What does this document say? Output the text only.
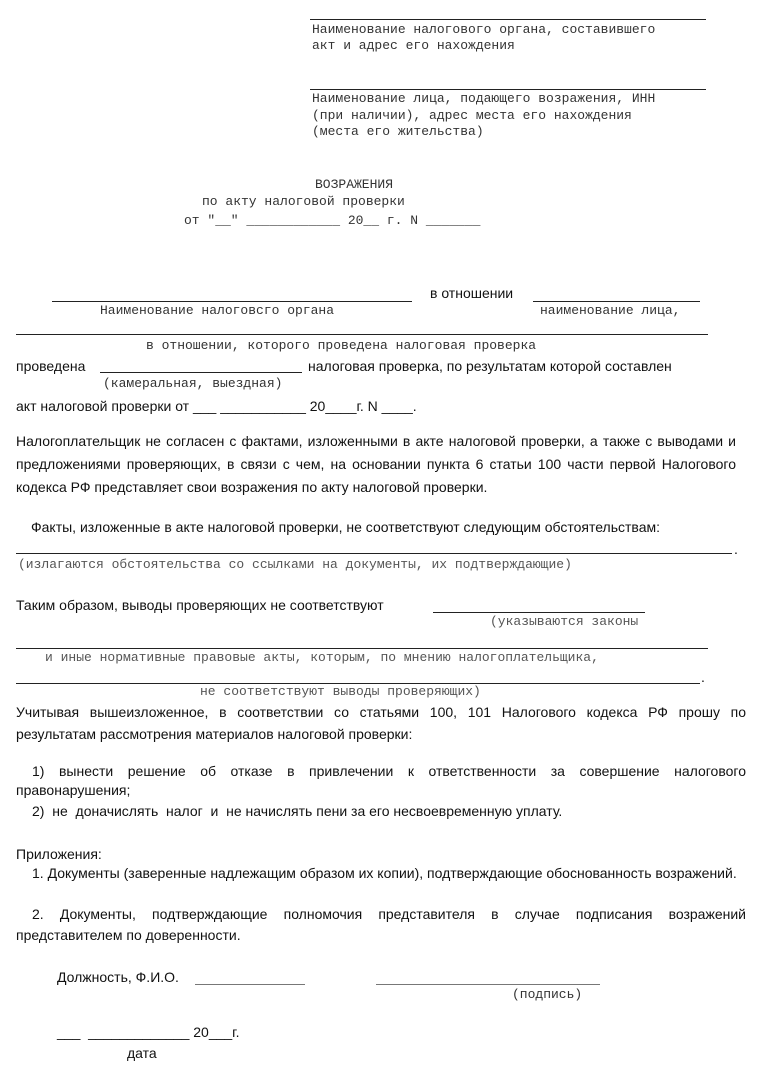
Наименование налогового органа, составившего
акт и адрес его нахождения
Наименование лица, подающего возражения, ИНН
(при наличии), адрес места его нахождения
(места его жительства)
ВОЗРАЖЕНИЯ
по акту налоговой проверки
от "__" ____________ 20__ г. N _______
в отношении
Наименование налоговсго органа	наименование лица,
в отношении, которого проведена налоговая проверка
проведена	налоговая проверка, по результатам которой составлен
(камеральная, выездная)
акт налоговой проверки от ___ ___________ 20____г. N ____.
Налогоплательщик не согласен с фактами, изложенными в акте налоговой проверки, а также с выводами и предложениями проверяющих, в связи с чем, на основании пункта 6 статьи 100 части первой Налогового кодекса РФ представляет свои возражения по акту налоговой проверки.
Факты, изложенные в акте налоговой проверки, не соответствуют следующим обстоятельствам:
.
(излагаются обстоятельства со ссылками на документы, их подтверждающие)
Таким образом, выводы проверяющих не соответствуют
(указываются законы
и иные нормативные правовые акты, которым, по мнению налогоплательщика,
.
не соответствуют выводы проверяющих)
Учитывая вышеизложенное, в соответствии со статьями 100, 101 Налогового кодекса РФ прошу по результатам рассмотрения материалов налоговой проверки:
1) вынести решение об отказе в привлечении к ответственности за совершение налогового правонарушения;
2)  не  доначислять  налог  и  не начислять пени за его несвоевременную уплату.
Приложения:
1. Документы (заверенные надлежащим образом их копии), подтверждающие обоснованность возражений.
2. Документы, подтверждающие полномочия представителя в случае подписания возражений представителем по доверенности.
Должность, Ф.И.О.
(подпись)
___  _____________ 20___г.
дата
